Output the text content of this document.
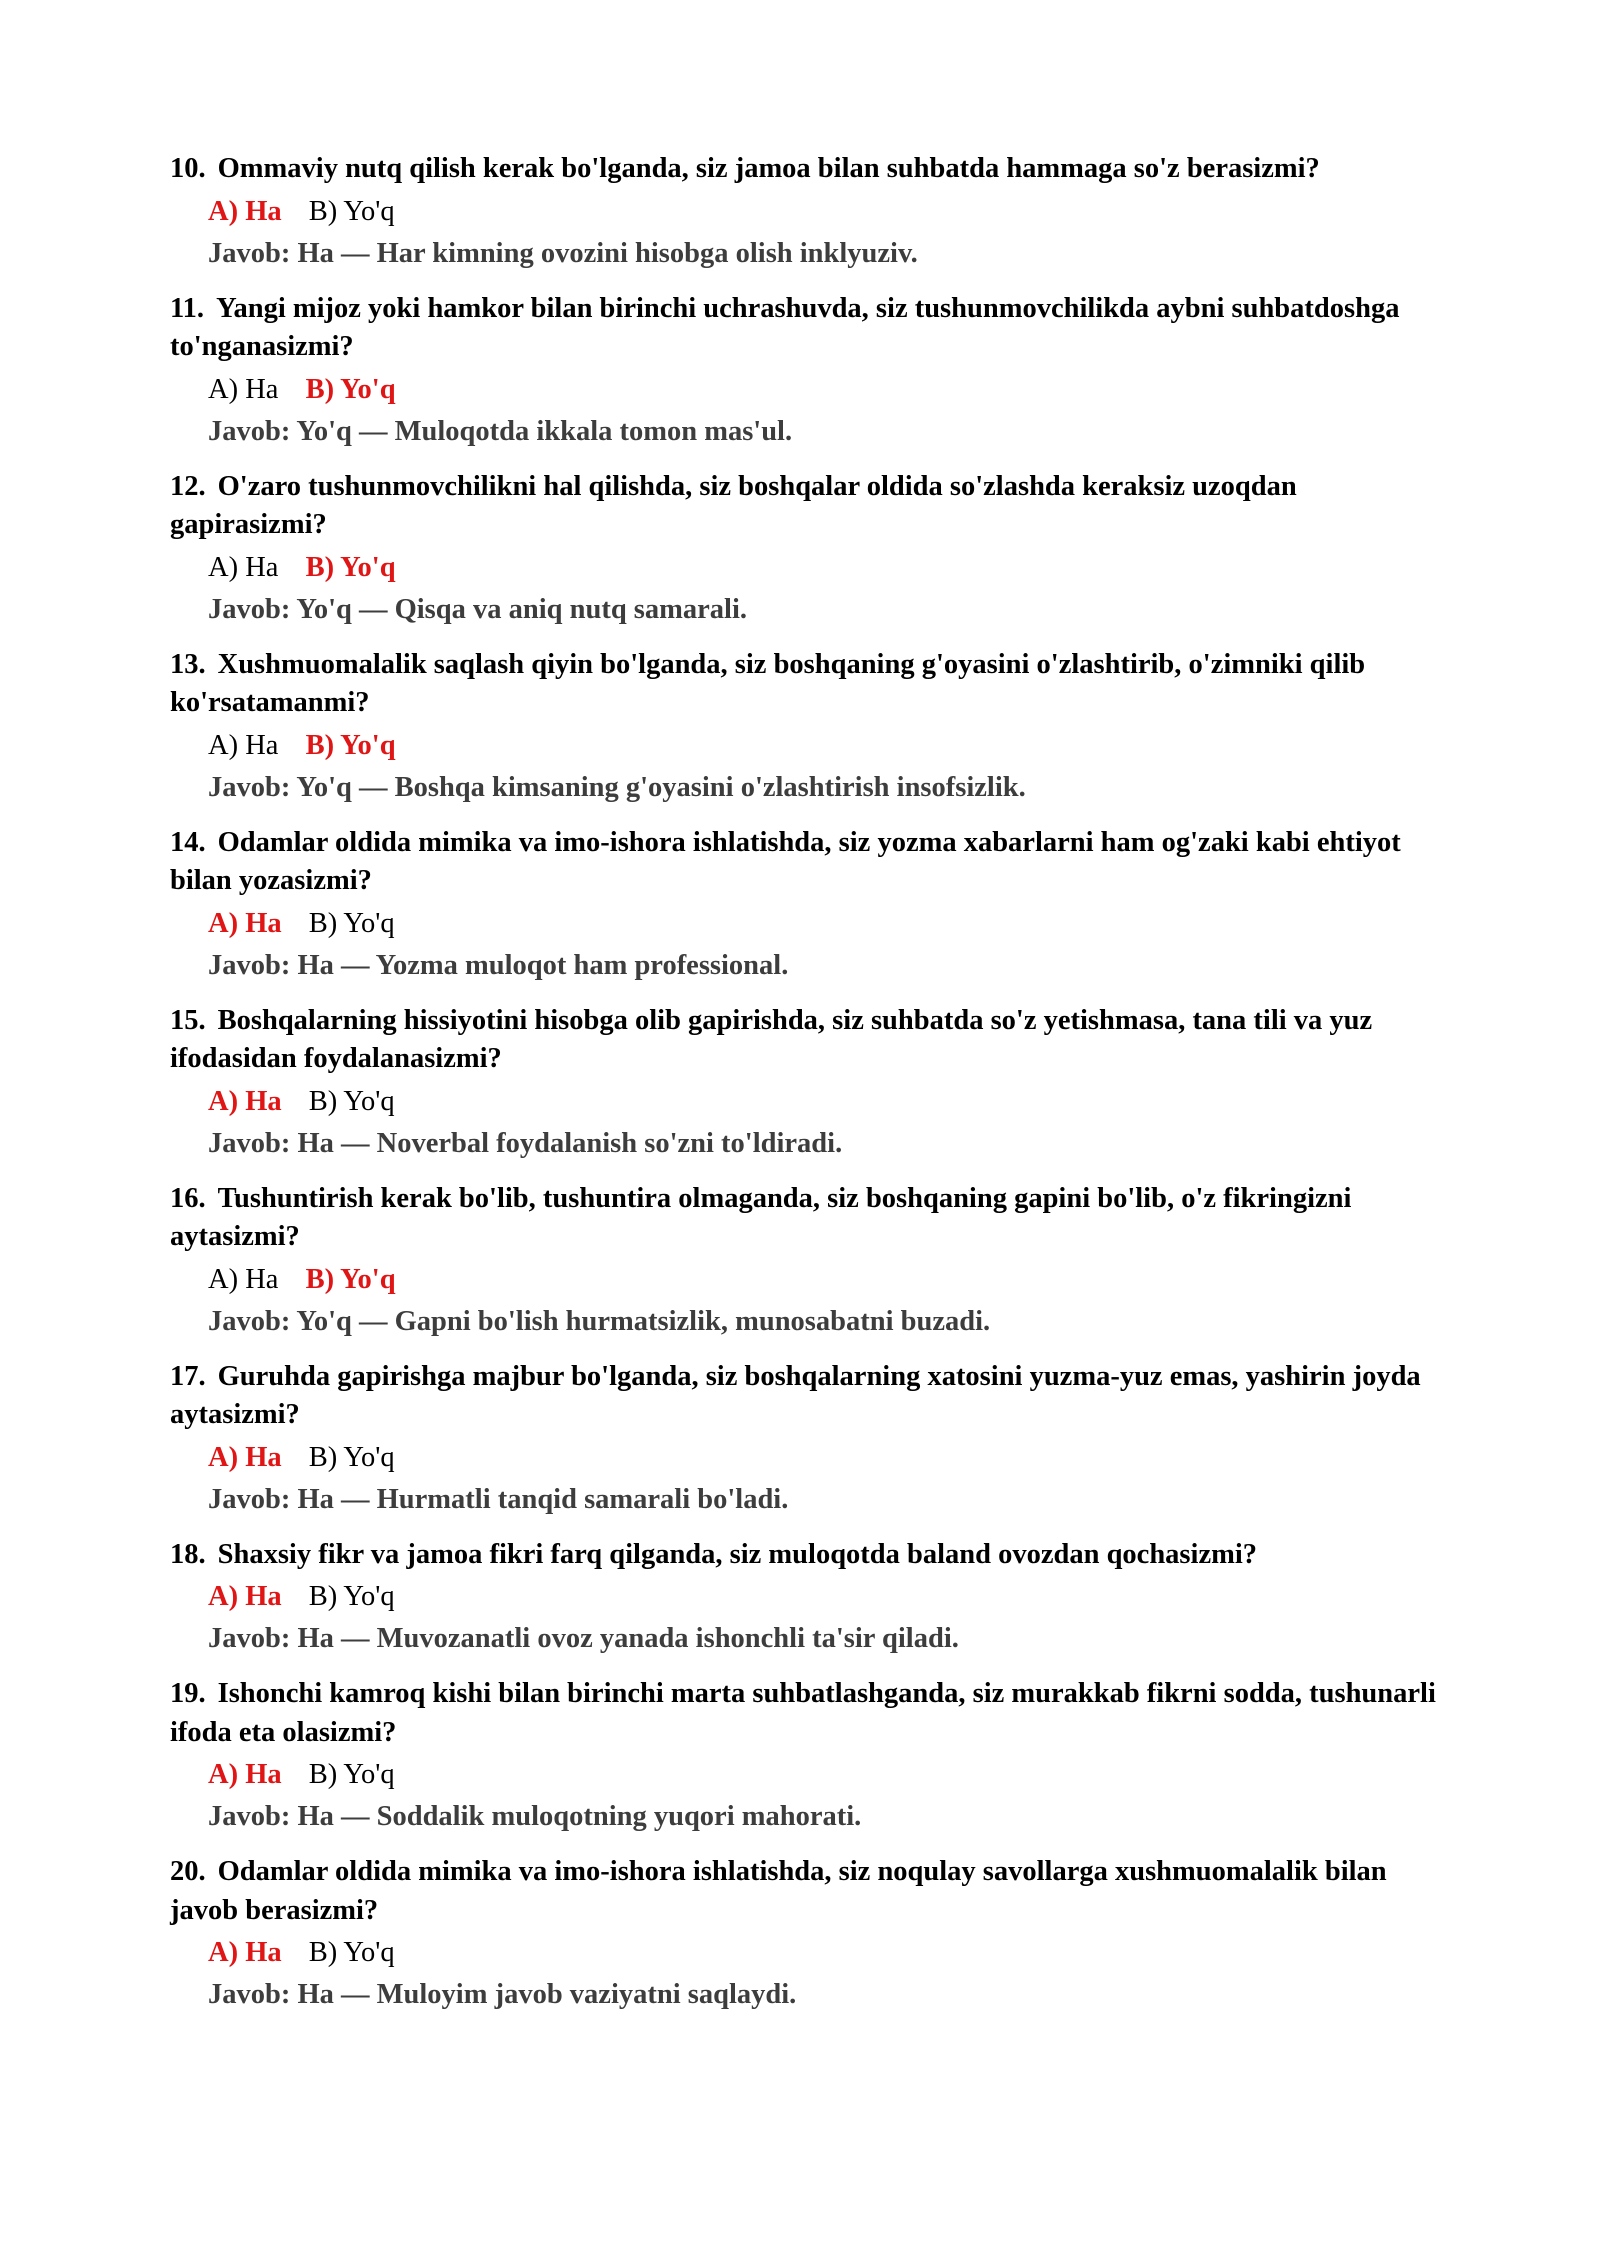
10. Ommaviy nutq qilish kerak bo'lganda, siz jamoa bilan suhbatda hammaga so'z berasizmi?

A) Ha B) Yo'q
Javob: Ha — Har kimning ovozini hisobga olish inklyuziv.

11. Yangi mijoz yoki hamkor bilan birinchi uchrashuvda, siz tushunmovchilikda aybni suhbatdoshga to'nganasizmi?

A) Ha B) Yo'q
Javob: Yo'q — Muloqotda ikkala tomon mas'ul.

12. O'zaro tushunmovchilikni hal qilishda, siz boshqalar oldida so'zlashda keraksiz uzoqdan gapirasizmi?

A) Ha B) Yo'q
Javob: Yo'q — Qisqa va aniq nutq samarali.

13. Xushmuomalalik saqlash qiyin bo'lganda, siz boshqaning g'oyasini o'zlashtirib, o'zimniki qilib ko'rsatamanmi?

A) Ha B) Yo'q
Javob: Yo'q — Boshqa kimsaning g'oyasini o'zlashtirish insofsizlik.

14. Odamlar oldida mimika va imo-ishora ishlatishda, siz yozma xabarlarni ham og'zaki kabi ehtiyot bilan yozasizmi?

A) Ha B) Yo'q
Javob: Ha — Yozma muloqot ham professional.

15. Boshqalarning hissiyotini hisobga olib gapirishda, siz suhbatda so'z yetishmasa, tana tili va yuz ifodasidan foydalanasizmi?

A) Ha B) Yo'q
Javob: Ha — Noverbal foydalanish so'zni to'ldiradi.

16. Tushuntirish kerak bo'lib, tushuntira olmaganda, siz boshqaning gapini bo'lib, o'z fikringizni aytasizmi?

A) Ha B) Yo'q
Javob: Yo'q — Gapni bo'lish hurmatsizlik, munosabatni buzadi.

17. Guruhda gapirishga majbur bo'lganda, siz boshqalarning xatosini yuzma-yuz emas, yashirin joyda aytasizmi?

A) Ha B) Yo'q
Javob: Ha — Hurmatli tanqid samarali bo'ladi.

18. Shaxsiy fikr va jamoa fikri farq qilganda, siz muloqotda baland ovozdan qochasizmi?

A) Ha B) Yo'q
Javob: Ha — Muvozanatli ovoz yanada ishonchli ta'sir qiladi.

19. Ishonchi kamroq kishi bilan birinchi marta suhbatlashganda, siz murakkab fikrni sodda, tushunarli ifoda eta olasizmi?

A) Ha B) Yo'q
Javob: Ha — Soddalik muloqotning yuqori mahorati.

20. Odamlar oldida mimika va imo-ishora ishlatishda, siz noqulay savollarga xushmuomalalik bilan javob berasizmi?

A) Ha B) Yo'q
Javob: Ha — Muloyim javob vaziyatni saqlaydi.
